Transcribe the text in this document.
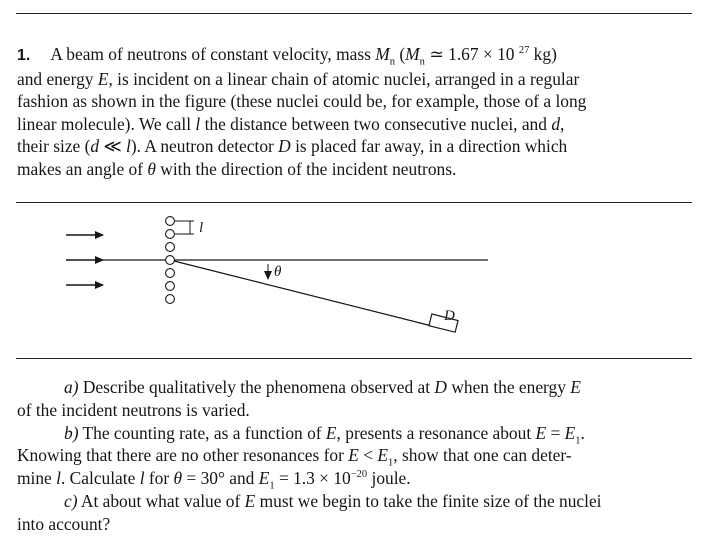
1. A beam of neutrons of constant velocity, mass $M_n$ ($M_n$ ≃ 1.67 × 10 $^{27}$ kg)
and energy E, is incident on a linear chain of atomic nuclei, arranged in a regular
fashion as shown in the figure (these nuclei could be, for example, those of a long
linear molecule). We call l the distance between two consecutive nuclei, and d,
their size (d ≪ l). A neutron detector D is placed far away, in a direction which
makes an angle of θ with the direction of the incident neutrons.
l
θ
D
a) Describe qualitatively the phenomena observed at D when the energy E
of the incident neutrons is varied.
b) The counting rate, as a function of E, presents a resonance about $E = E_1$.
Knowing that there are no other resonances for $E < E_1$, show that one can deter-
mine l. Calculate l for θ = 30° and $E_1 = 1.3 \times 10^{-20}$ joule.
c) At about what value of E must we begin to take the finite size of the nuclei
into account?
